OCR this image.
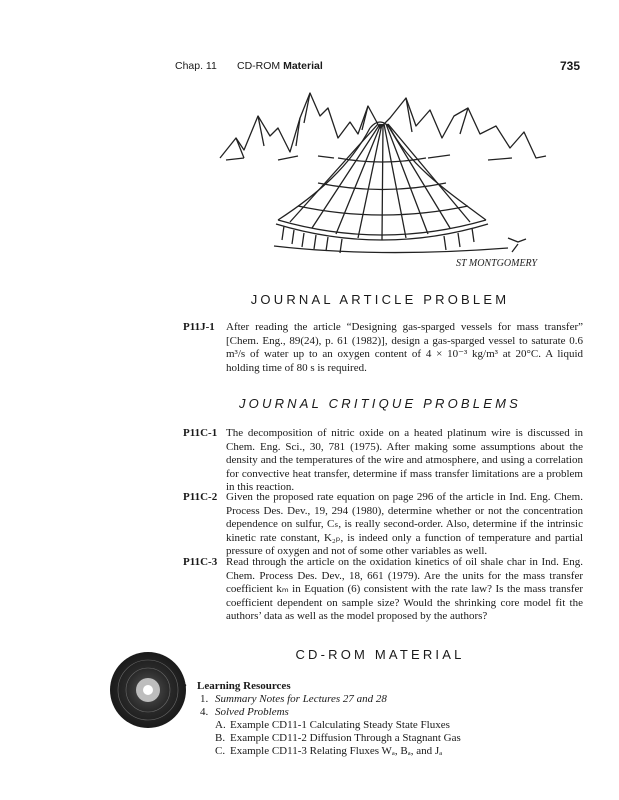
Chap. 11 CD-ROM Material	735
ST MONTGOMERY
JOURNAL ARTICLE PROBLEM
P11J-1 After reading the article “Designing gas-sparged vessels for mass transfer” [Chem. Eng., 89(24), p. 61 (1982)], design a gas-sparged vessel to saturate 0.6 m³/s of water up to an oxygen content of 4 × 10⁻³ kg/m³ at 20°C. A liquid holding time of 80 s is required.
JOURNAL CRITIQUE PROBLEMS
P11C-1 The decomposition of nitric oxide on a heated platinum wire is discussed in Chem. Eng. Sci., 30, 781 (1975). After making some assumptions about the density and the temperatures of the wire and atmosphere, and using a correlation for convective heat transfer, determine if mass transfer limitations are a problem in this reaction.
P11C-2 Given the proposed rate equation on page 296 of the article in Ind. Eng. Chem. Process Des. Dev., 19, 294 (1980), determine whether or not the concentration dependence on sulfur, Cₛ, is really second-order. Also, determine if the intrinsic kinetic rate constant, K₂ₚ, is indeed only a function of temperature and partial pressure of oxygen and not of some other variables as well.
P11C-3 Read through the article on the oxidation kinetics of oil shale char in Ind. Eng. Chem. Process Des. Dev., 18, 661 (1979). Are the units for the mass transfer coefficient kₘ in Equation (6) consistent with the rate law? Is the mass transfer coefficient dependent on sample size? Would the shrinking core model fit the authors’ data as well as the model proposed by the authors?
CD-ROM MATERIAL
• Learning Resources
1. Summary Notes for Lectures 27 and 28
4. Solved Problems
A. Example CD11-1 Calculating Steady State Fluxes
B. Example CD11-2 Diffusion Through a Stagnant Gas
C. Example CD11-3 Relating Fluxes Wₐ, Bₐ, and Jₐ
